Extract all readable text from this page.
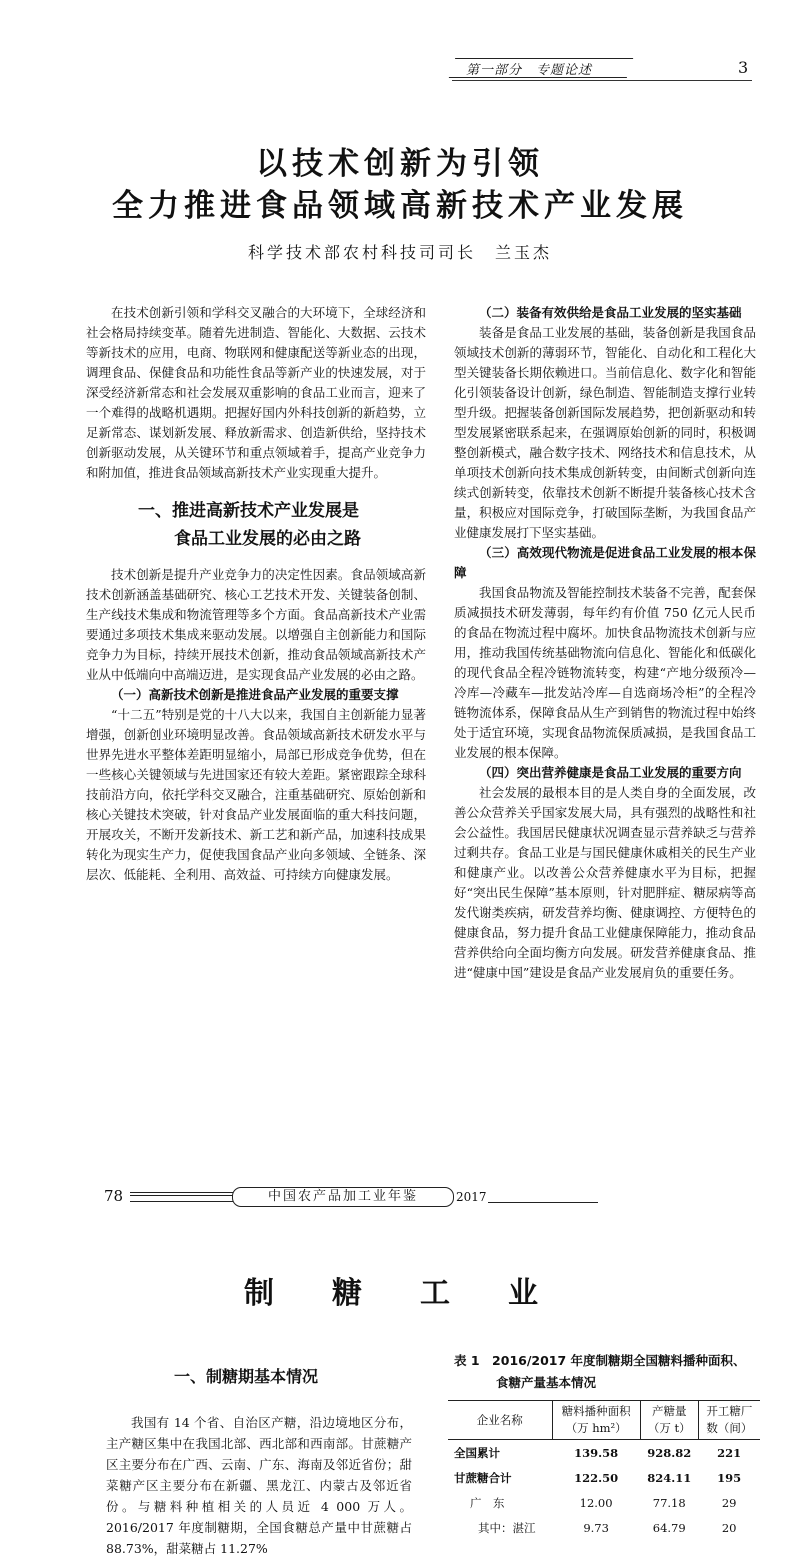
第一部分　专题论述	3
以技术创新为引领
全力推进食品领域高新技术产业发展
科学技术部农村科技司司长　兰玉杰

在技术创新引领和学科交叉融合的大环境下，全球经济和社会格局持续变革。随着先进制造、智能化、大数据、云技术等新技术的应用，电商、物联网和健康配送等新业态的出现，调理食品、保健食品和功能性食品等新产业的快速发展，对于深受经济新常态和社会发展双重影响的食品工业而言，迎来了一个难得的战略机遇期。把握好国内外科技创新的新趋势，立足新常态、谋划新发展、释放新需求、创造新供给，坚持技术创新驱动发展，从关键环节和重点领域着手，提高产业竞争力和附加值，推进食品领域高新技术产业实现重大提升。

一、推进高新技术产业发展是
食品工业发展的必由之路

技术创新是提升产业竞争力的决定性因素。食品领域高新技术创新涵盖基础研究、核心工艺技术开发、关键装备创制、生产线技术集成和物流管理等多个方面。食品高新技术产业需要通过多项技术集成来驱动发展。以增强自主创新能力和国际竞争力为目标，持续开展技术创新，推动食品领域高新技术产业从中低端向中高端迈进，是实现食品产业发展的必由之路。

（一）高新技术创新是推进食品产业发展的重要支撑

“十二五”特别是党的十八大以来，我国自主创新能力显著增强，创新创业环境明显改善。食品领域高新技术研发水平与世界先进水平整体差距明显缩小，局部已形成竞争优势，但在一些核心关键领域与先进国家还有较大差距。紧密跟踪全球科技前沿方向，依托学科交叉融合，注重基础研究、原始创新和核心关键技术突破，针对食品产业发展面临的重大科技问题，开展攻关，不断开发新技术、新工艺和新产品，加速科技成果转化为现实生产力，促使我国食品产业向多领域、全链条、深层次、低能耗、全利用、高效益、可持续方向健康发展。

（二）装备有效供给是食品工业发展的坚实基础

装备是食品工业发展的基础，装备创新是我国食品领域技术创新的薄弱环节，智能化、自动化和工程化大型关键装备长期依赖进口。当前信息化、数字化和智能化引领装备设计创新，绿色制造、智能制造支撑行业转型升级。把握装备创新国际发展趋势，把创新驱动和转型发展紧密联系起来，在强调原始创新的同时，积极调整创新模式，融合数字技术、网络技术和信息技术，从单项技术创新向技术集成创新转变，由间断式创新向连续式创新转变，依靠技术创新不断提升装备核心技术含量，积极应对国际竞争，打破国际垄断，为我国食品产业健康发展打下坚实基础。

（三）高效现代物流是促进食品工业发展的根本保障

我国食品物流及智能控制技术装备不完善，配套保质减损技术研发薄弱，每年约有价值 750 亿元人民币的食品在物流过程中腐坏。加快食品物流技术创新与应用，推动我国传统基础物流向信息化、智能化和低碳化的现代食品全程冷链物流转变，构建“产地分级预冷—冷库—冷藏车—批发站冷库—自选商场冷柜”的全程冷链物流体系，保障食品从生产到销售的物流过程中始终处于适宜环境，实现食品物流保质减损，是我国食品工业发展的根本保障。

（四）突出营养健康是食品工业发展的重要方向

社会发展的最根本目的是人类自身的全面发展，改善公众营养关乎国家发展大局，具有强烈的战略性和社会公益性。我国居民健康状况调查显示营养缺乏与营养过剩共存。食品工业是与国民健康休戚相关的民生产业和健康产业。以改善公众营养健康水平为目标，把握好“突出民生保障”基本原则，针对肥胖症、糖尿病等高发代谢类疾病，研发营养均衡、健康调控、方便特色的健康食品，努力提升食品工业健康保障能力，推动食品营养供给向全面均衡方向发展。研发营养健康食品、推进“健康中国”建设是食品产业发展肩负的重要任务。

78	中国农产品加工业年鉴	2017
制糖工业
一、制糖期基本情况

我国有 14 个省、自治区产糖，沿边境地区分布，主产糖区集中在我国北部、西北部和西南部。甘蔗糖产区主要分布在广西、云南、广东、海南及邻近省份；甜菜糖产区主要分布在新疆、黑龙江、内蒙古及邻近省份。与糖料种植相关的人员近 4 000 万人。2016/2017 年度制糖期，全国食糖总产量中甘蔗糖占 88.73%，甜菜糖占 11.27%

表 1　2016/2017 年度制糖期全国糖料播种面积、
食糖产量基本情况
企业名称	糖料播种面积（万 hm²）	产糖量（万 t）	开工糖厂数（间）
全国累计	139.58	928.82	221
甘蔗糖合计	122.50	824.11	195
广　东	12.00	77.18	29
其中：湛江	9.73	64.79	20
